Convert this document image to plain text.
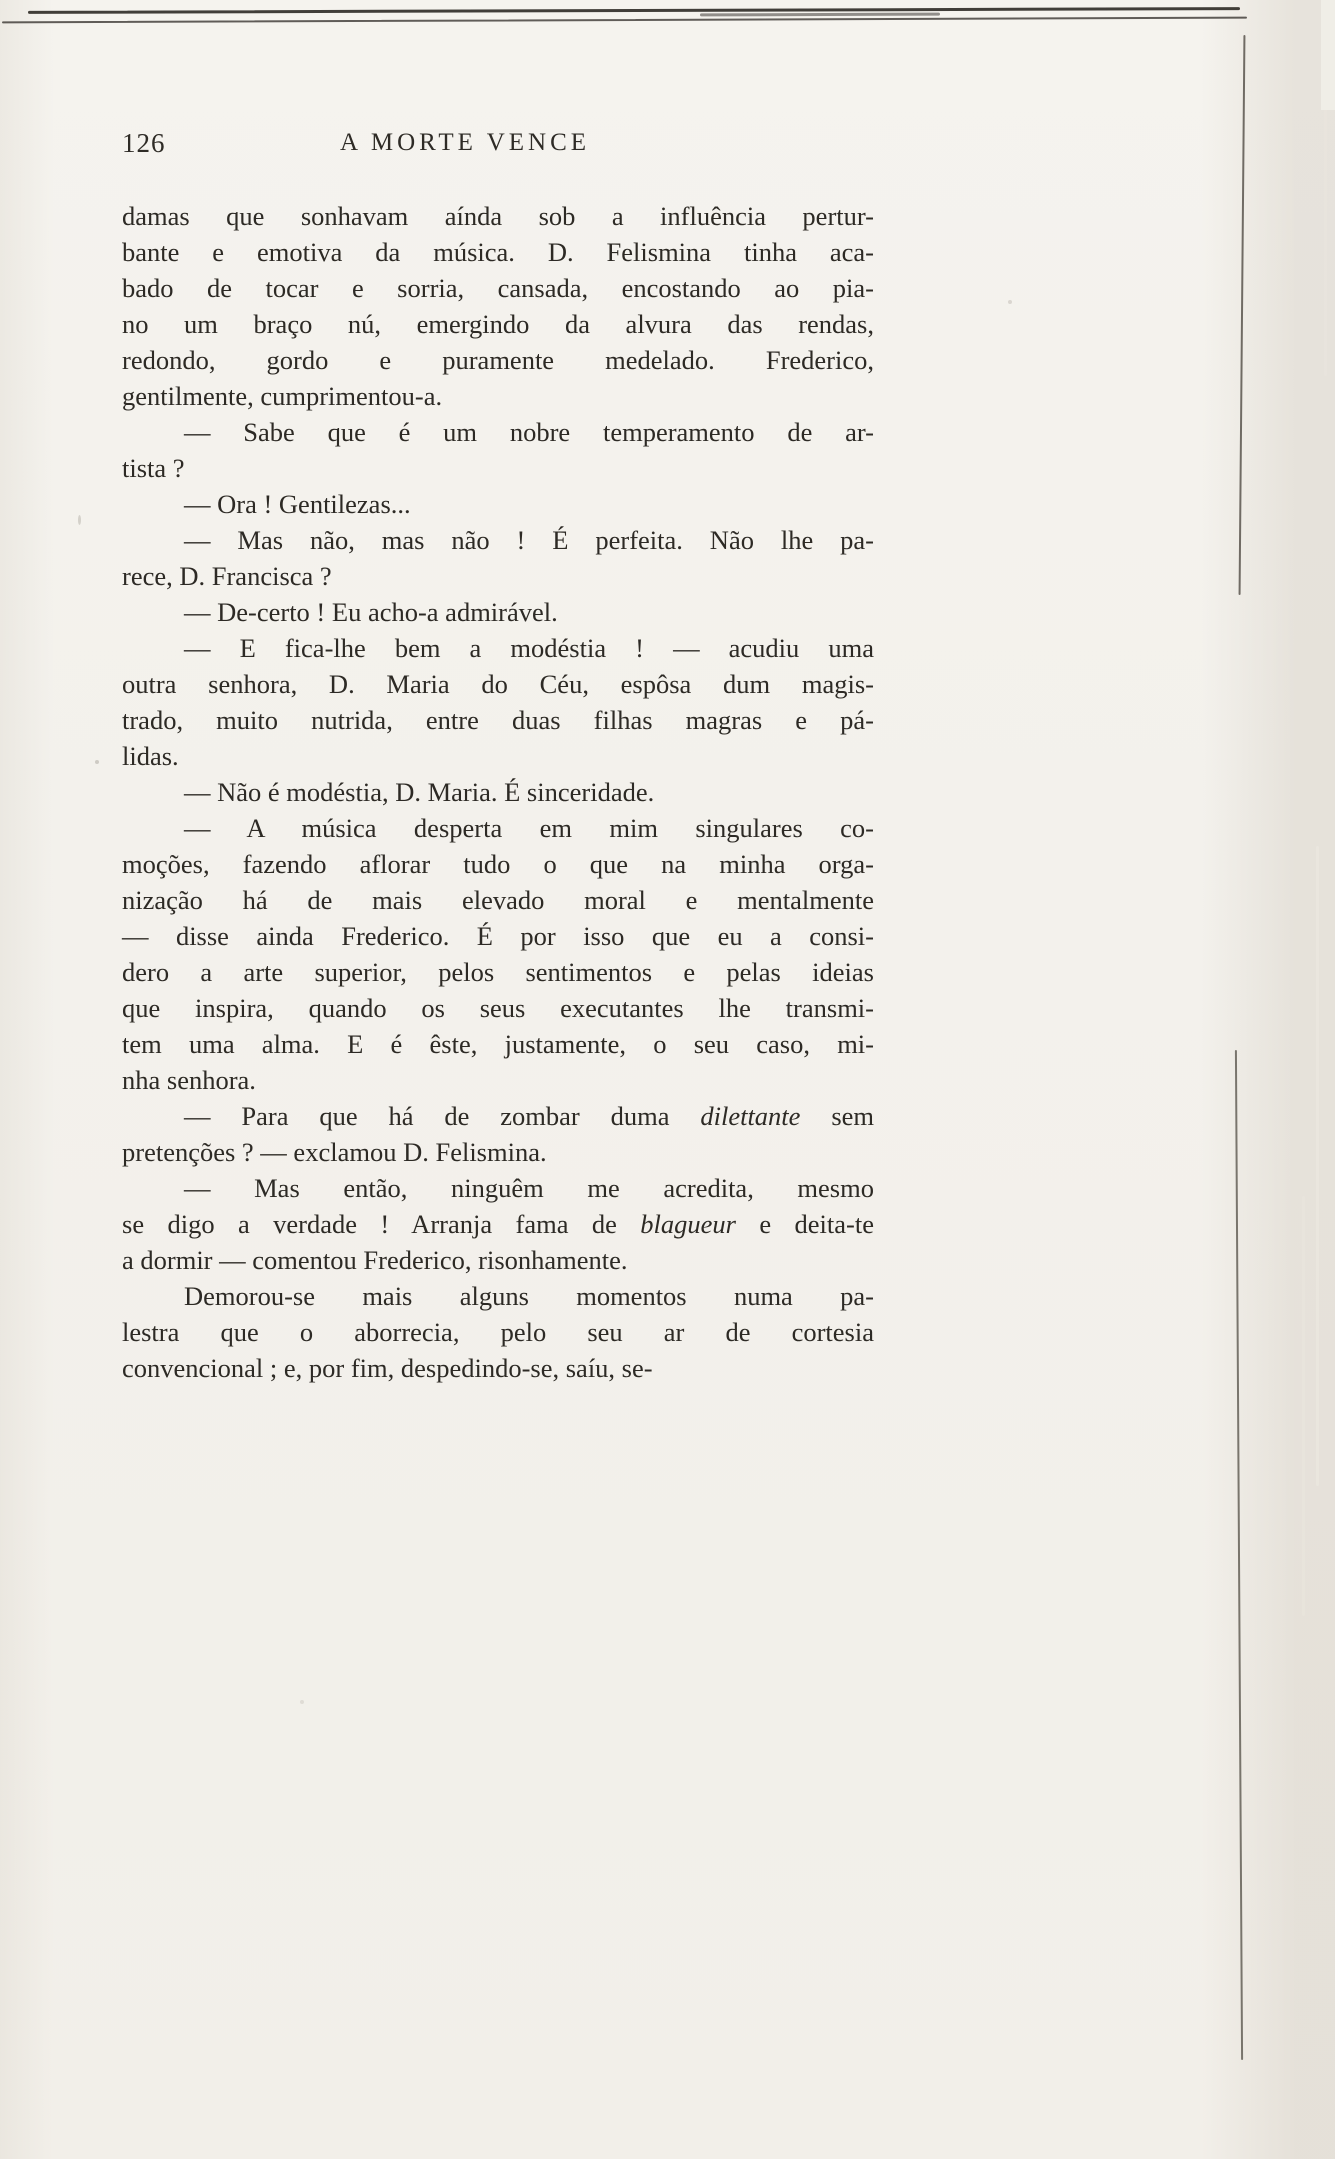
126	A MORTE VENCE

damas que sonhavam aínda sob a influência pertur-
bante e emotiva da música. D. Felismina tinha aca-
bado de tocar e sorria, cansada, encostando ao pia-
no um braço nú, emergindo da alvura das rendas,
redondo, gordo e puramente medelado. Frederico,
gentilmente, cumprimentou-a.

— Sabe que é um nobre temperamento de ar-
tista ?

— Ora ! Gentilezas...

— Mas não, mas não ! É perfeita. Não lhe pa-
rece, D. Francisca ?

— De-certo ! Eu acho-a admirável.

— E fica-lhe bem a modéstia ! — acudiu uma
outra senhora, D. Maria do Céu, espôsa dum magis-
trado, muito nutrida, entre duas filhas magras e pá-
lidas.

— Não é modéstia, D. Maria. É sinceridade.

— A música desperta em mim singulares co-
moções, fazendo aflorar tudo o que na minha orga-
nização há de mais elevado moral e mentalmente
— disse ainda Frederico. É por isso que eu a consi-
dero a arte superior, pelos sentimentos e pelas ideias
que inspira, quando os seus executantes lhe transmi-
tem uma alma. E é êste, justamente, o seu caso, mi-
nha senhora.

— Para que há de zombar duma dilettante sem
pretenções ? — exclamou D. Felismina.

— Mas então, ninguêm me acredita, mesmo
se digo a verdade ! Arranja fama de blagueur e deita-te
a dormir — comentou Frederico, risonhamente.

Demorou-se mais alguns momentos numa pa-
lestra que o aborrecia, pelo seu ar de cortesia
convencional ; e, por fim, despedindo-se, saíu, se-
